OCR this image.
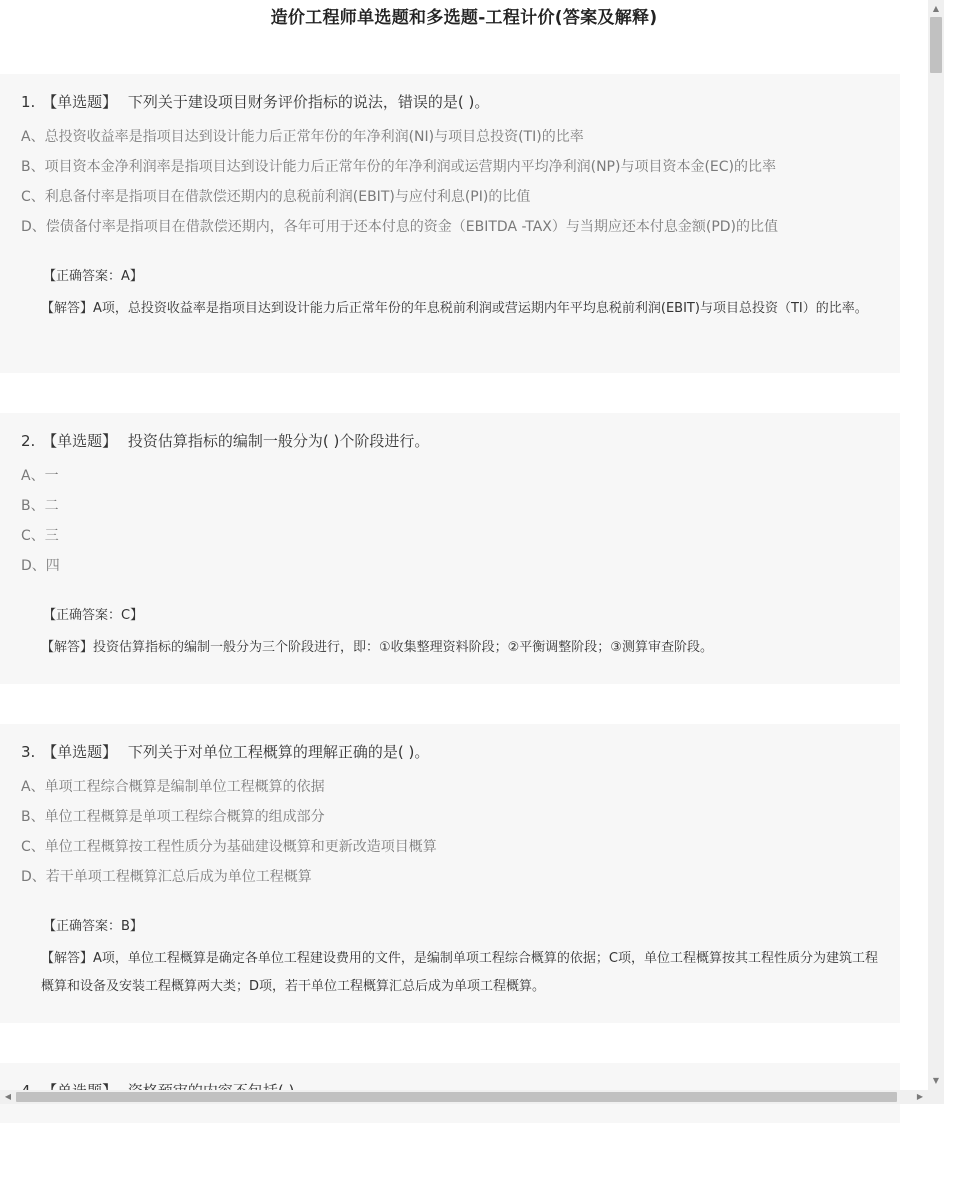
造价工程师单选题和多选题-工程计价(答案及解释)
1. 【单选题】 下列关于建设项目财务评价指标的说法，错误的是( )。
A、总投资收益率是指项目达到设计能力后正常年份的年净利润(NI)与项目总投资(TI)的比率
B、项目资本金净利润率是指项目达到设计能力后正常年份的年净利润或运营期内平均净利润(NP)与项目资本金(EC)的比率
C、利息备付率是指项目在借款偿还期内的息税前利润(EBIT)与应付利息(PI)的比值
D、偿债备付率是指项目在借款偿还期内，各年可用于还本付息的资金（EBITDA -TAX）与当期应还本付息金额(PD)的比值
【正确答案：A】
【解答】A项，总投资收益率是指项目达到设计能力后正常年份的年息税前利润或营运期内年平均息税前利润(EBIT)与项目总投资（TI）的比率。
2. 【单选题】 投资估算指标的编制一般分为( )个阶段进行。
A、一
B、二
C、三
D、四
【正确答案：C】
【解答】投资估算指标的编制一般分为三个阶段进行，即：①收集整理资料阶段；②平衡调整阶段；③测算审查阶段。
3. 【单选题】 下列关于对单位工程概算的理解正确的是( )。
A、单项工程综合概算是编制单位工程概算的依据
B、单位工程概算是单项工程综合概算的组成部分
C、单位工程概算按工程性质分为基础建设概算和更新改造项目概算
D、若干单项工程概算汇总后成为单位工程概算
【正确答案：B】
【解答】A项，单位工程概算是确定各单位工程建设费用的文件，是编制单项工程综合概算的依据；C项，单位工程概算按其工程性质分为建筑工程概算和设备及安装工程概算两大类；D项，若干单位工程概算汇总后成为单项工程概算。
▲
▼
◀	▶
